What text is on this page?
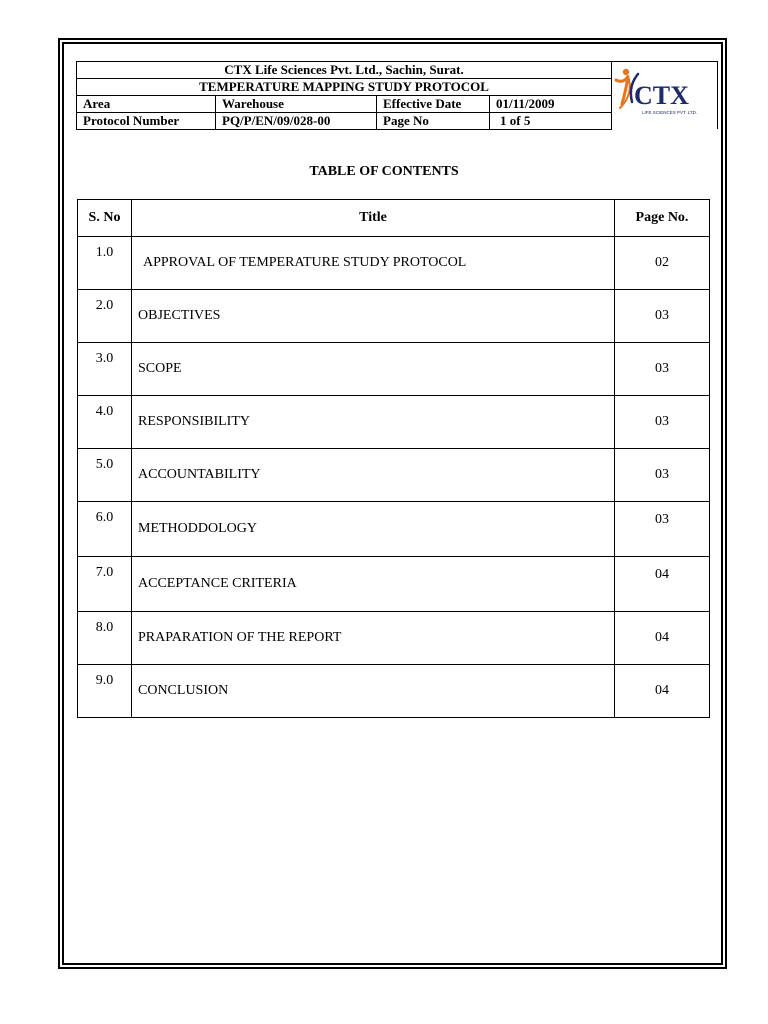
CTX Life Sciences Pvt. Ltd., Sachin, Surat.			
TEMPERATURE MAPPING STUDY PROTOCOL			
Area	Warehouse	Effective Date	01/11/2009
Protocol Number	PQ/P/EN/09/028-00	Page No	1 of 5
CTX
LIFE SCIENCES PVT. LTD.
TABLE OF CONTENTS
S. No	Title	Page No.
1.0	APPROVAL OF TEMPERATURE STUDY PROTOCOL	02
2.0	OBJECTIVES	03
3.0	SCOPE	03
4.0	RESPONSIBILITY	03
5.0	ACCOUNTABILITY	03
6.0	METHODDOLOGY	03
7.0	ACCEPTANCE CRITERIA	04
8.0	PRAPARATION OF THE REPORT	04
9.0	CONCLUSION	04
